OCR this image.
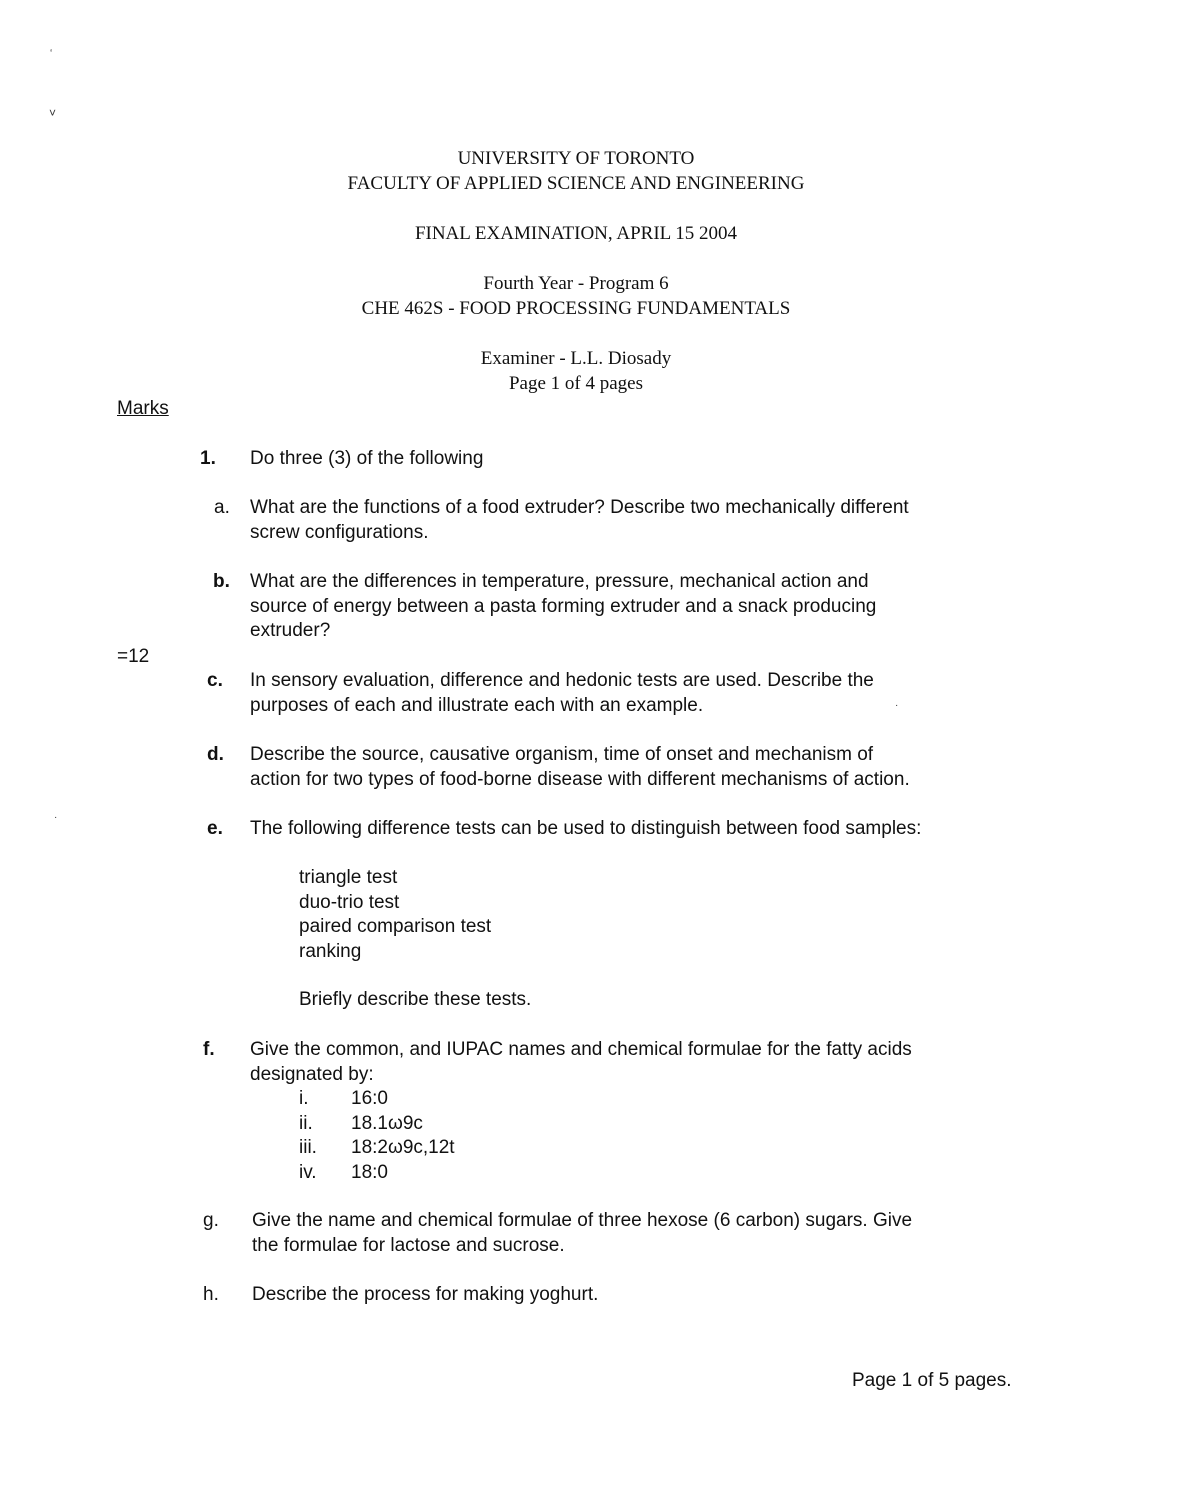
‘
˅
·
·
UNIVERSITY OF TORONTO
FACULTY OF APPLIED SCIENCE AND ENGINEERING
FINAL EXAMINATION, APRIL 15 2004
Fourth Year - Program 6
CHE 462S - FOOD PROCESSING FUNDAMENTALS
Examiner - L.L. Diosady
Page 1 of 4 pages
Marks
=12
1. Do three (3) of the following
a. What are the functions of a food extruder? Describe two mechanically different
screw configurations.
b. What are the differences in temperature, pressure, mechanical action and
source of energy between a pasta forming extruder and a snack producing
extruder?
c. In sensory evaluation, difference and hedonic tests are used. Describe the
purposes of each and illustrate each with an example.
d. Describe the source, causative organism, time of onset and mechanism of
action for two types of food-borne disease with different mechanisms of action.
e. The following difference tests can be used to distinguish between food samples:
triangle test
duo-trio test
paired comparison test
ranking
Briefly describe these tests.
f. Give the common, and IUPAC names and chemical formulae for the fatty acids
designated by:
i. 16:0
ii. 18.1ω9c
iii. 18:2ω9c,12t
iv. 18:0
g. Give the name and chemical formulae of three hexose (6 carbon) sugars. Give
the formulae for lactose and sucrose.
h. Describe the process for making yoghurt.
Page 1 of 5 pages.
